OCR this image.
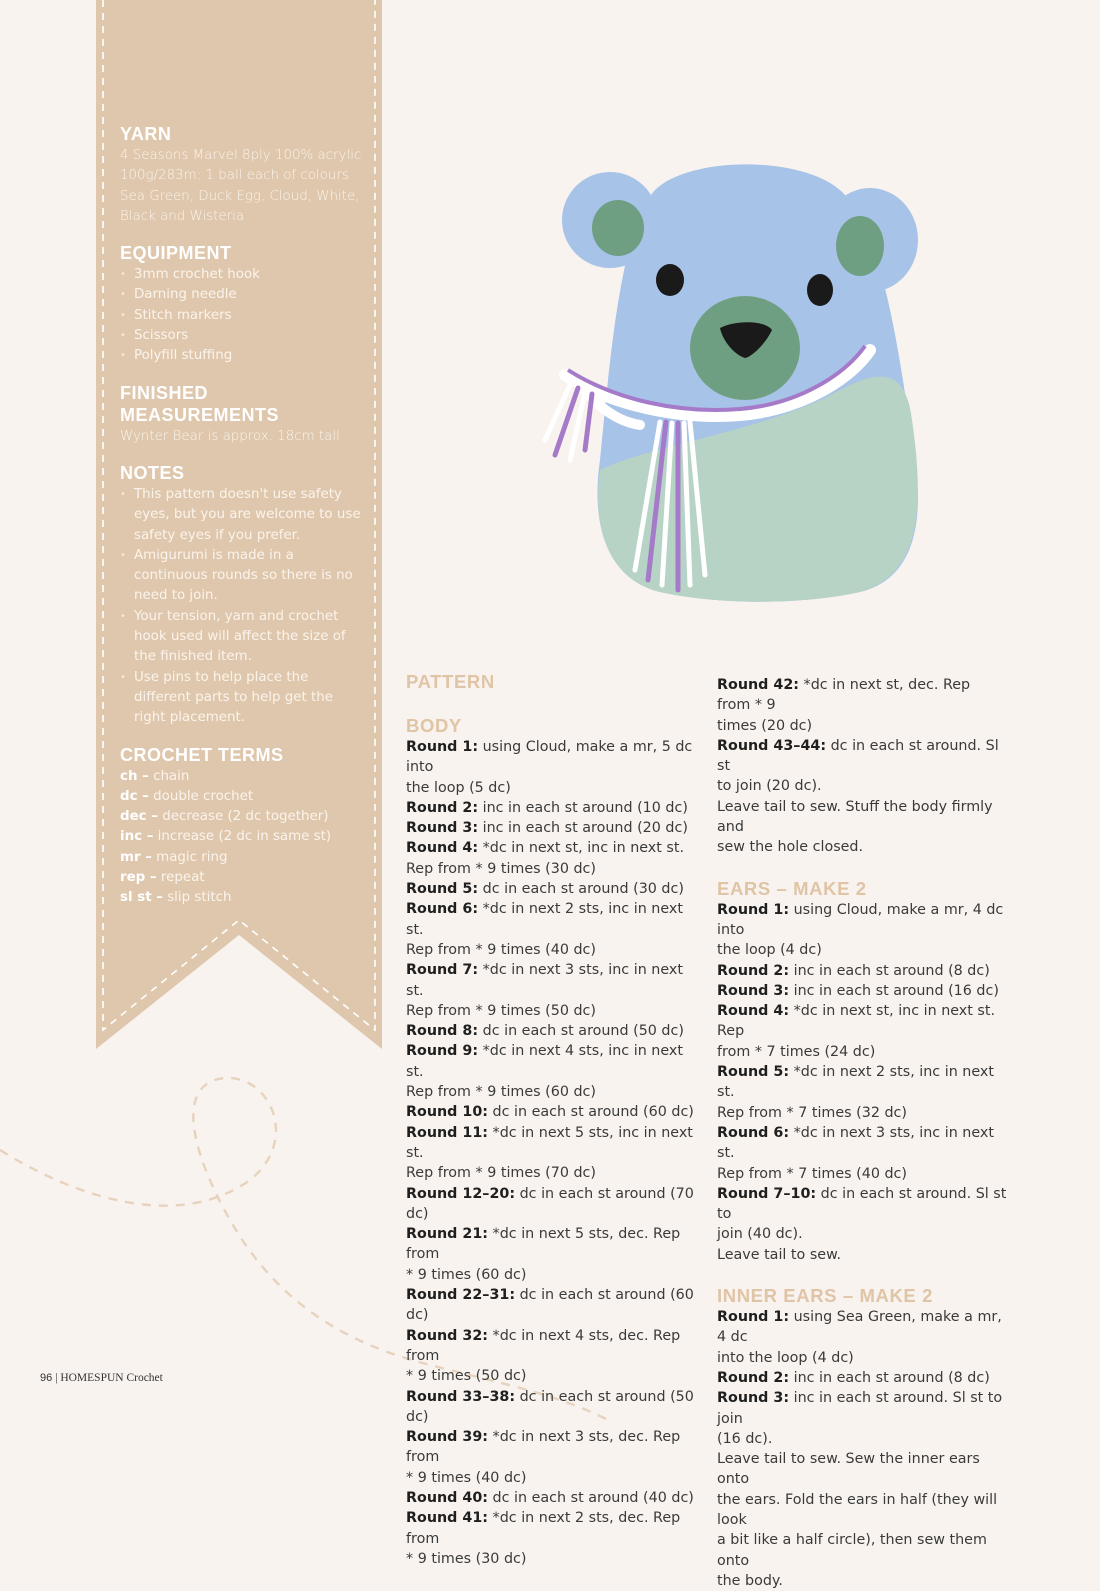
YARN

4 Seasons Marvel 8ply 100% acrylic 100g/283m: 1 ball each of colours Sea Green, Duck Egg, Cloud, White, Black and Wisteria

EQUIPMENT
• 3mm crochet hook
• Darning needle
• Stitch markers
• Scissors
• Polyfill stuffing
FINISHED
MEASUREMENTS

Wynter Bear is approx. 18cm tall

NOTES
• This pattern doesn't use safety eyes, but you are welcome to use safety eyes if you prefer.
• Amigurumi is made in a continuous rounds so there is no need to join.
• Your tension, yarn and crochet hook used will affect the size of the finished item.
• Use pins to help place the different parts to help get the right placement.
CROCHET TERMS
ch – chain
dc – double crochet
dec – decrease (2 dc together)
inc – increase (2 dc in same st)
mr – magic ring
rep – repeat
sl st – slip stitch
PATTERN
BODY
Round 1: using Cloud, make a mr, 5 dc into
the loop (5 dc)
Round 2: inc in each st around (10 dc)
Round 3: inc in each st around (20 dc)
Round 4: *dc in next st, inc in next st.
Rep from * 9 times (30 dc)
Round 5: dc in each st around (30 dc)
Round 6: *dc in next 2 sts, inc in next st.
Rep from * 9 times (40 dc)
Round 7: *dc in next 3 sts, inc in next st.
Rep from * 9 times (50 dc)
Round 8: dc in each st around (50 dc)
Round 9: *dc in next 4 sts, inc in next st.
Rep from * 9 times (60 dc)
Round 10: dc in each st around (60 dc)
Round 11: *dc in next 5 sts, inc in next st.
Rep from * 9 times (70 dc)
Round 12–20: dc in each st around (70 dc)
Round 21: *dc in next 5 sts, dec. Rep from
* 9 times (60 dc)
Round 22–31: dc in each st around (60 dc)
Round 32: *dc in next 4 sts, dec. Rep from
* 9 times (50 dc)
Round 33–38: dc in each st around (50 dc)
Round 39: *dc in next 3 sts, dec. Rep from
* 9 times (40 dc)
Round 40: dc in each st around (40 dc)
Round 41: *dc in next 2 sts, dec. Rep from
* 9 times (30 dc)
Round 42: *dc in next st, dec. Rep from * 9
times (20 dc)
Round 43–44: dc in each st around. Sl st
to join (20 dc).
Leave tail to sew. Stuff the body firmly and
sew the hole closed.
EARS – MAKE 2
Round 1: using Cloud, make a mr, 4 dc into
the loop (4 dc)
Round 2: inc in each st around (8 dc)
Round 3: inc in each st around (16 dc)
Round 4: *dc in next st, inc in next st. Rep
from * 7 times (24 dc)
Round 5: *dc in next 2 sts, inc in next st.
Rep from * 7 times (32 dc)
Round 6: *dc in next 3 sts, inc in next st.
Rep from * 7 times (40 dc)
Round 7–10: dc in each st around. Sl st to
join (40 dc).
Leave tail to sew.
INNER EARS – MAKE 2
Round 1: using Sea Green, make a mr, 4 dc
into the loop (4 dc)
Round 2: inc in each st around (8 dc)
Round 3: inc in each st around. Sl st to join
(16 dc).
Leave tail to sew. Sew the inner ears onto
the ears. Fold the ears in half (they will look
a bit like a half circle), then sew them onto
the body.
96 | HOMESPUN Crochet
